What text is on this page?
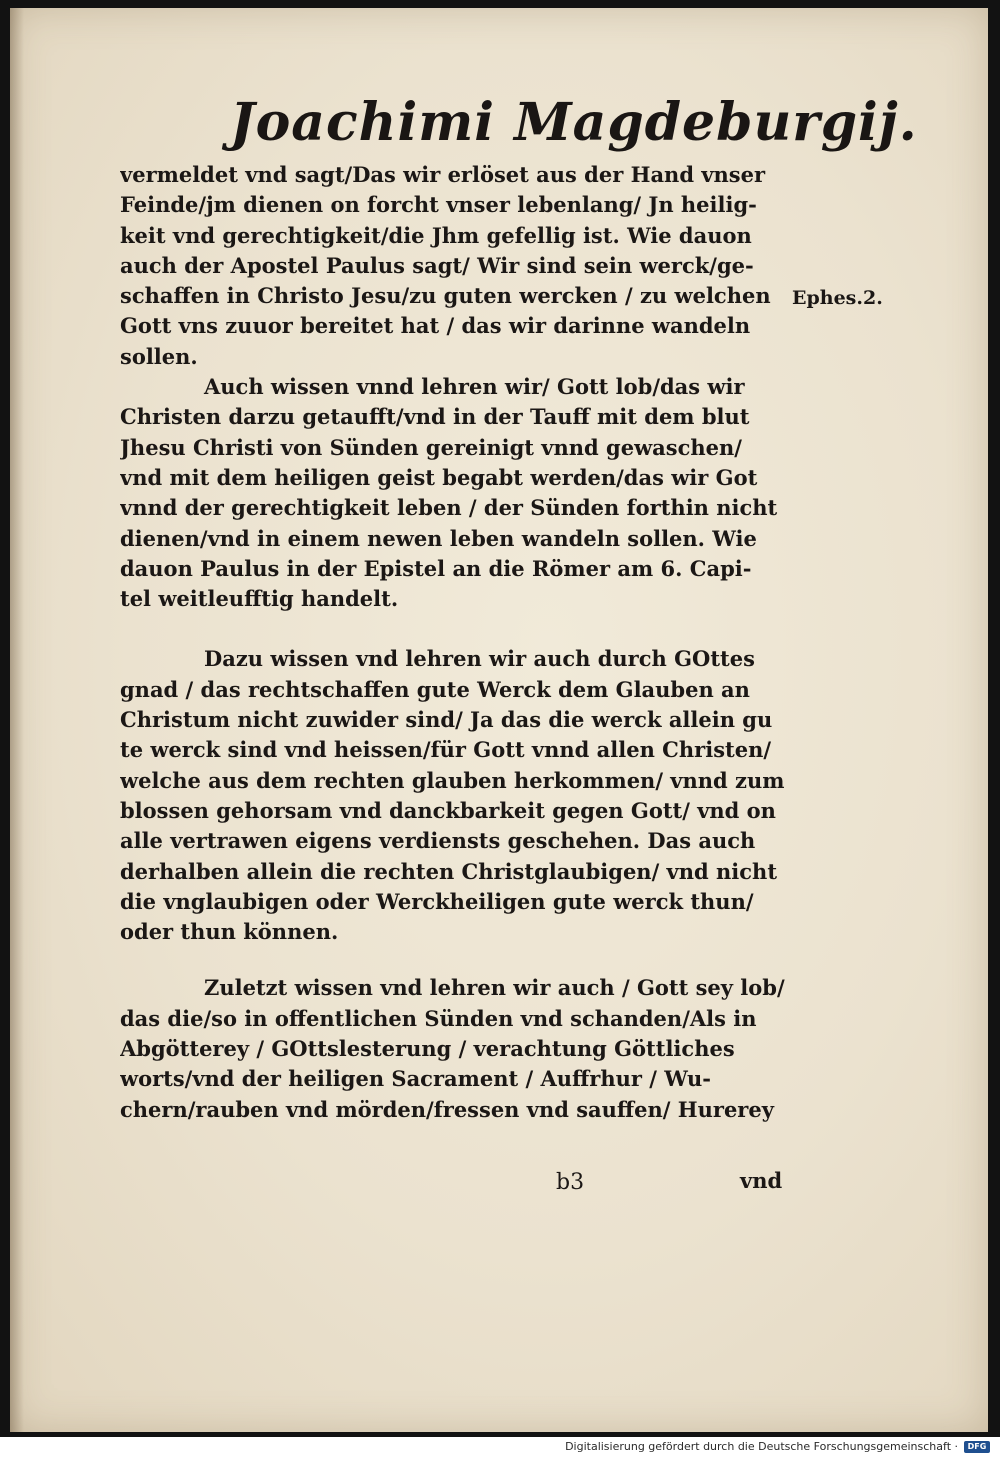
Joachimi Magdeburgij.
Ephes.2.
vermeldet vnd sagt/Das wir erlöset aus der Hand vnser
Feinde/jm dienen on forcht vnser lebenlang/ Jn heilig-
keit vnd gerechtigkeit/die Jhm gefellig ist. Wie dauon
auch der Apostel Paulus sagt/ Wir sind sein werck/ge-
schaffen in Christo Jesu/zu guten wercken / zu welchen
Gott vns zuuor bereitet hat / das wir darinne wandeln
sollen.
Auch wissen vnnd lehren wir/ Gott lob/das wir
Christen darzu getaufft/vnd in der Tauff mit dem blut
Jhesu Christi von Sünden gereinigt vnnd gewaschen/
vnd mit dem heiligen geist begabt werden/das wir Got
vnnd der gerechtigkeit leben / der Sünden forthin nicht
dienen/vnd in einem newen leben wandeln sollen. Wie
dauon Paulus in der Epistel an die Römer am 6. Capi-
tel weitleufftig handelt.
Dazu wissen vnd lehren wir auch durch GOttes
gnad / das rechtschaffen gute Werck dem Glauben an
Christum nicht zuwider sind/ Ja das die werck allein gu
te werck sind vnd heissen/für Gott vnnd allen Christen/
welche aus dem rechten glauben herkommen/ vnnd zum
blossen gehorsam vnd danckbarkeit gegen Gott/ vnd on
alle vertrawen eigens verdiensts geschehen. Das auch
derhalben allein die rechten Christglaubigen/ vnd nicht
die vnglaubigen oder Werckheiligen gute werck thun/
oder thun können.
Zuletzt wissen vnd lehren wir auch / Gott sey lob/
das die/so in offentlichen Sünden vnd schanden/Als in
Abgötterey / GOttslesterung / verachtung Göttliches
worts/vnd der heiligen Sacrament / Auffrhur / Wu-
chern/rauben vnd mörden/fressen vnd sauffen/ Hurerey
b3	vnd
Digitalisierung gefördert durch die Deutsche Forschungsgemeinschaft ·	DFG
